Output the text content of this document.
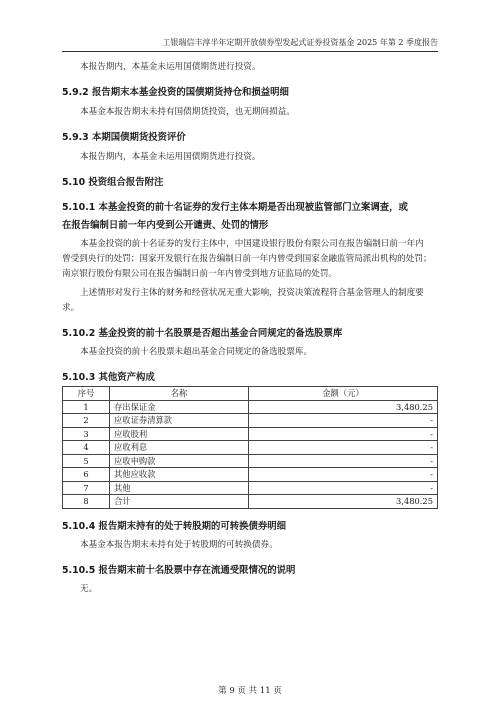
工银瑞信丰淳半年定期开放债券型发起式证券投资基金 2025 年第 2 季度报告

本报告期内，本基金未运用国债期货进行投资。

5.9.2 报告期末本基金投资的国债期货持仓和损益明细

本基金本报告期末未持有国债期货投资，也无期间损益。

5.9.3 本期国债期货投资评价

本报告期内，本基金未运用国债期货进行投资。

5.10 投资组合报告附注
5.10.1 本基金投资的前十名证券的发行主体本期是否出现被监管部门立案调查，或
在报告编制日前一年内受到公开谴责、处罚的情形

本基金投资的前十名证券的发行主体中，中国建设银行股份有限公司在报告编制日前一年内

曾受到央行的处罚；国家开发银行在报告编制日前一年内曾受到国家金融监管局派出机构的处罚；

南京银行股份有限公司在报告编制日前一年内曾受到地方证监局的处罚。

上述情形对发行主体的财务和经营状况无重大影响，投资决策流程符合基金管理人的制度要

求。

5.10.2 基金投资的前十名股票是否超出基金合同规定的备选股票库

本基金投资的前十名股票未超出基金合同规定的备选股票库。

5.10.3 其他资产构成
序号	名称	金额（元）
1	存出保证金	3,480.25
2	应收证券清算款	-
3	应收股利	-
4	应收利息	-
5	应收申购款	-
6	其他应收款	-
7	其他	-
8	合计	3,480.25
5.10.4 报告期末持有的处于转股期的可转换债券明细

本基金本报告期末未持有处于转股期的可转换债券。

5.10.5 报告期末前十名股票中存在流通受限情况的说明

无。

第 9 页 共 11 页
